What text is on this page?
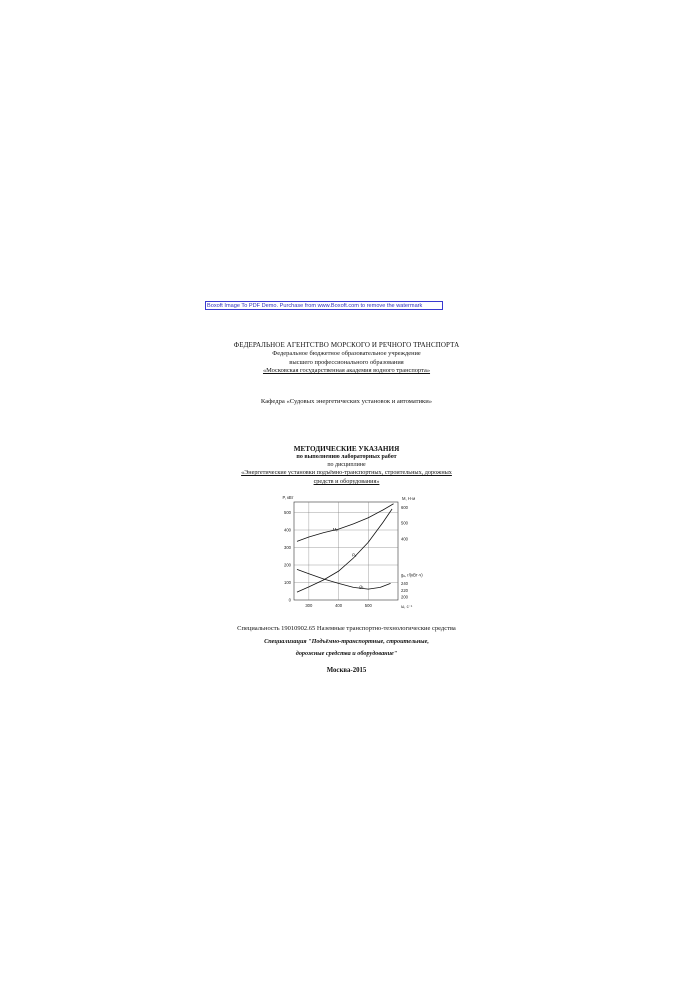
Boxoft Image To PDF Demo. Purchase from www.Boxoft.com to remove the watermark
ФЕДЕРАЛЬНОЕ АГЕНТСТВО МОРСКОГО И РЕЧНОГО ТРАНСПОРТА
Федеральное бюджетное образовательное учреждение
высшего профессионального образования
«Московская государственная академия водного транспорта»
Кафедра «Судовых энергетических установок и автоматики»
МЕТОДИЧЕСКИЕ УКАЗАНИЯ
по выполнению лабораторных работ
по дисциплине
«Энергетические установки подъёмно-транспортных, строительных, дорожных
средств и оборудования»
300	400	500
0
100
200
300
400
500
P, кВт
600
500
400
M, Н·м
240
220
200
gₑ, г/(кВт·ч)
ω, с⁻¹
Mₑ
Pₑ
gₑ
Специальность 19010902.65 Наземные транспортно-технологические средства
Специализация "Подъёмно-транспортные, строительные,
дорожные средства и оборудование"
Москва-2015
